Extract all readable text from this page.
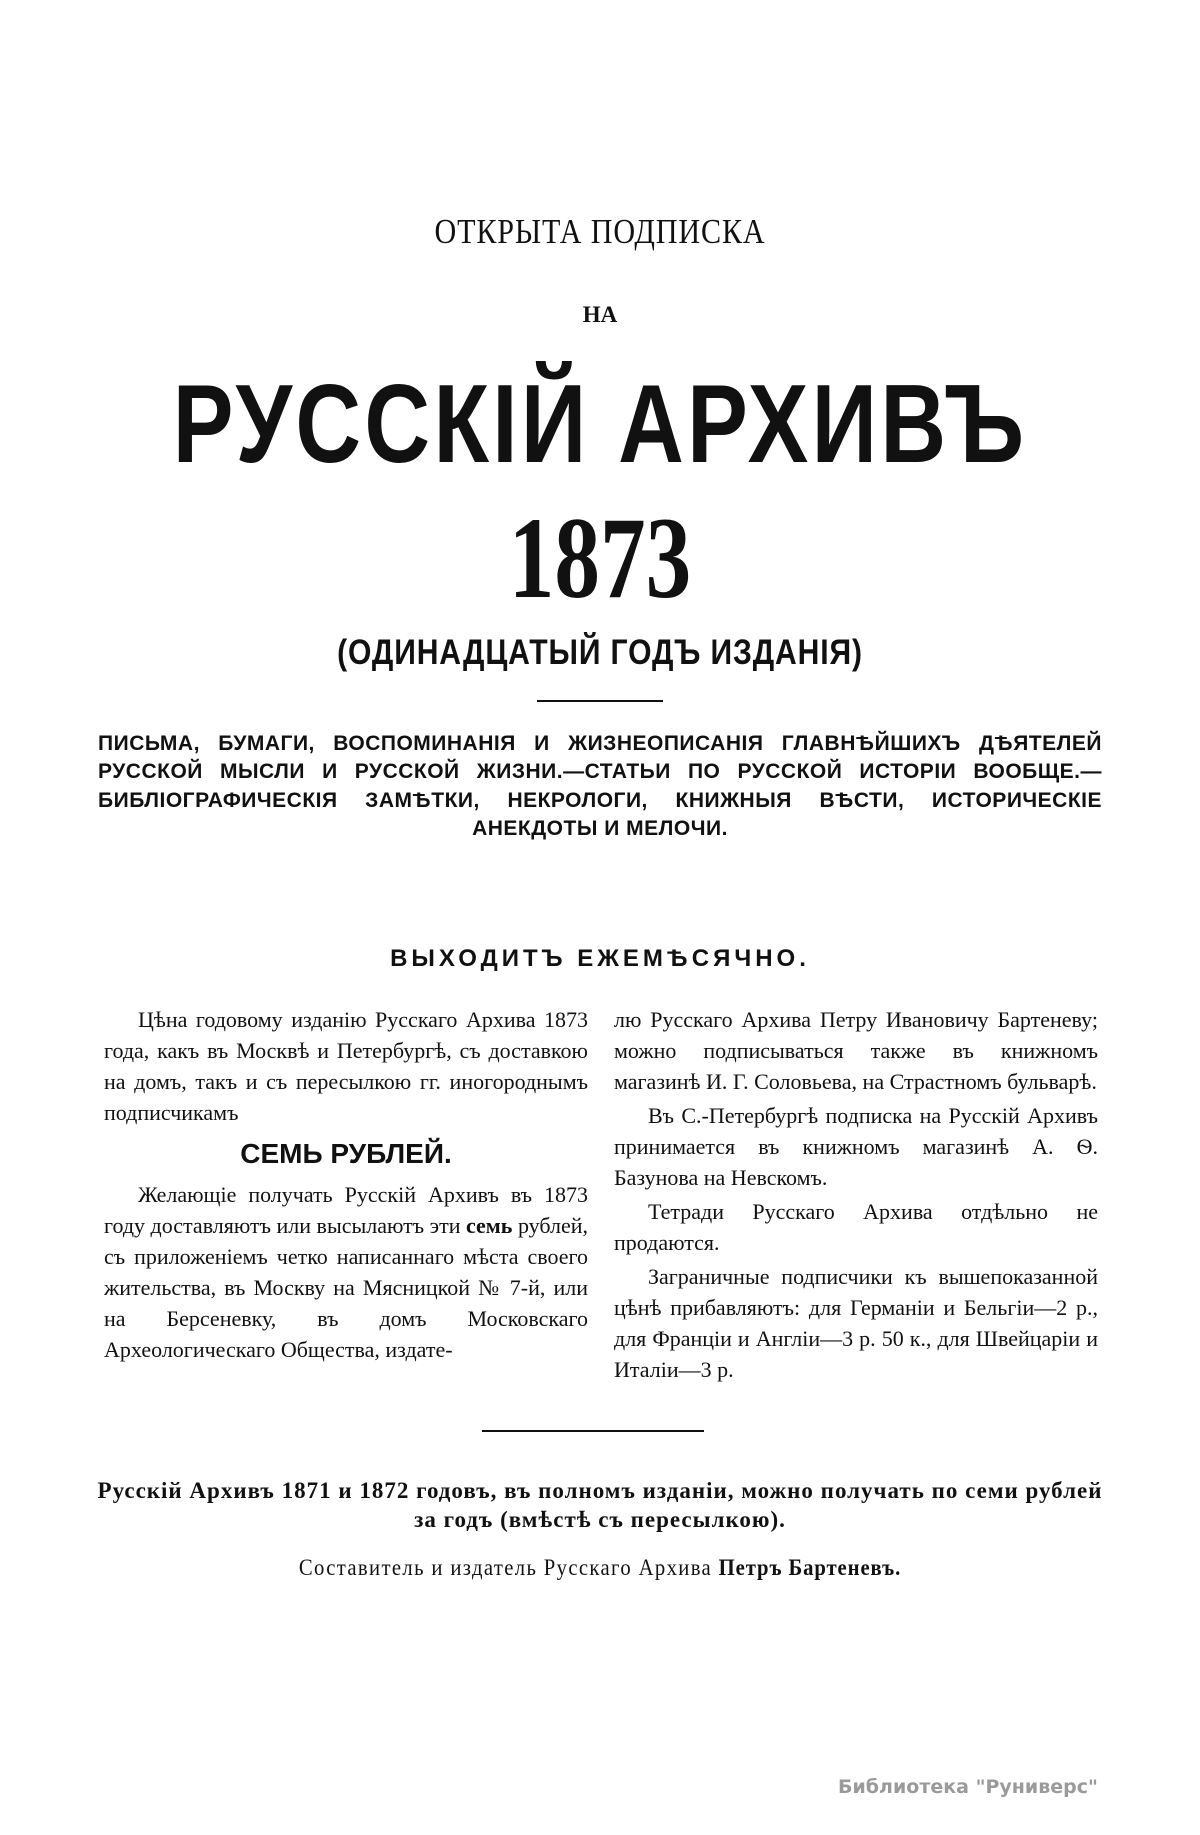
ОТКРЫТА ПОДПИСКА
НА
РУССКІЙ АРХИВЪ
1873
(ОДИНАДЦАТЫЙ ГОДЪ ИЗДАНІЯ)
ПИСЬМА, БУМАГИ, ВОСПОМИНАНІЯ И ЖИЗНЕОПИСАНІЯ ГЛАВНѢЙШИХЪ ДѢЯТЕЛЕЙ РУССКОЙ МЫСЛИ И РУССКОЙ ЖИЗНИ.—СТАТЬИ ПО РУССКОЙ ИСТОРІИ ВООБЩЕ.—БИБЛІОГРАФИЧЕСКІЯ ЗАМѢТКИ, НЕКРОЛОГИ, КНИЖНЫЯ ВѢСТИ, ИСТОРИЧЕСКІЕ АНЕКДОТЫ И МЕЛОЧИ.
ВЫХОДИТЪ ЕЖЕМѢСЯЧНО.

Цѣна годовому изданію Русскаго Архива 1873 года, какъ въ Москвѣ и Петербургѣ, съ доставкою на домъ, такъ и съ пересылкою гг. иногороднымъ подписчикамъ

СЕМЬ РУБЛЕЙ.

Желающіе получать Русскій Архивъ въ 1873 году доставляютъ или высылаютъ эти семь рублей, съ приложеніемъ четко написаннаго мѣста своего жительства, въ Москву на Мясницкой № 7-й, или на Берсеневку, въ домъ Московскаго Археологическаго Общества, издате-

лю Русскаго Архива Петру Ивановичу Бартеневу; можно подписываться также въ книжномъ магазинѣ И. Г. Соловьева, на Страстномъ бульварѣ.

Въ С.-Петербургѣ подписка на Русскій Архивъ принимается въ книжномъ магазинѣ А. Ѳ. Базунова на Невскомъ.

Тетради Русскаго Архива отдѣльно не продаются.

Заграничные подписчики къ вышепоказанной цѣнѣ прибавляютъ: для Германіи и Бельгіи—2 р., для Франціи и Англіи—3 р. 50 к., для Швейцаріи и Италіи—3 р.

Русскій Архивъ 1871 и 1872 годовъ, въ полномъ изданіи, можно получать по семи рублей за годъ (вмѣстѣ съ пересылкою).
Составитель и издатель Русскаго Архива Петръ Бартеневъ.
Библиотека "Руниверс"
